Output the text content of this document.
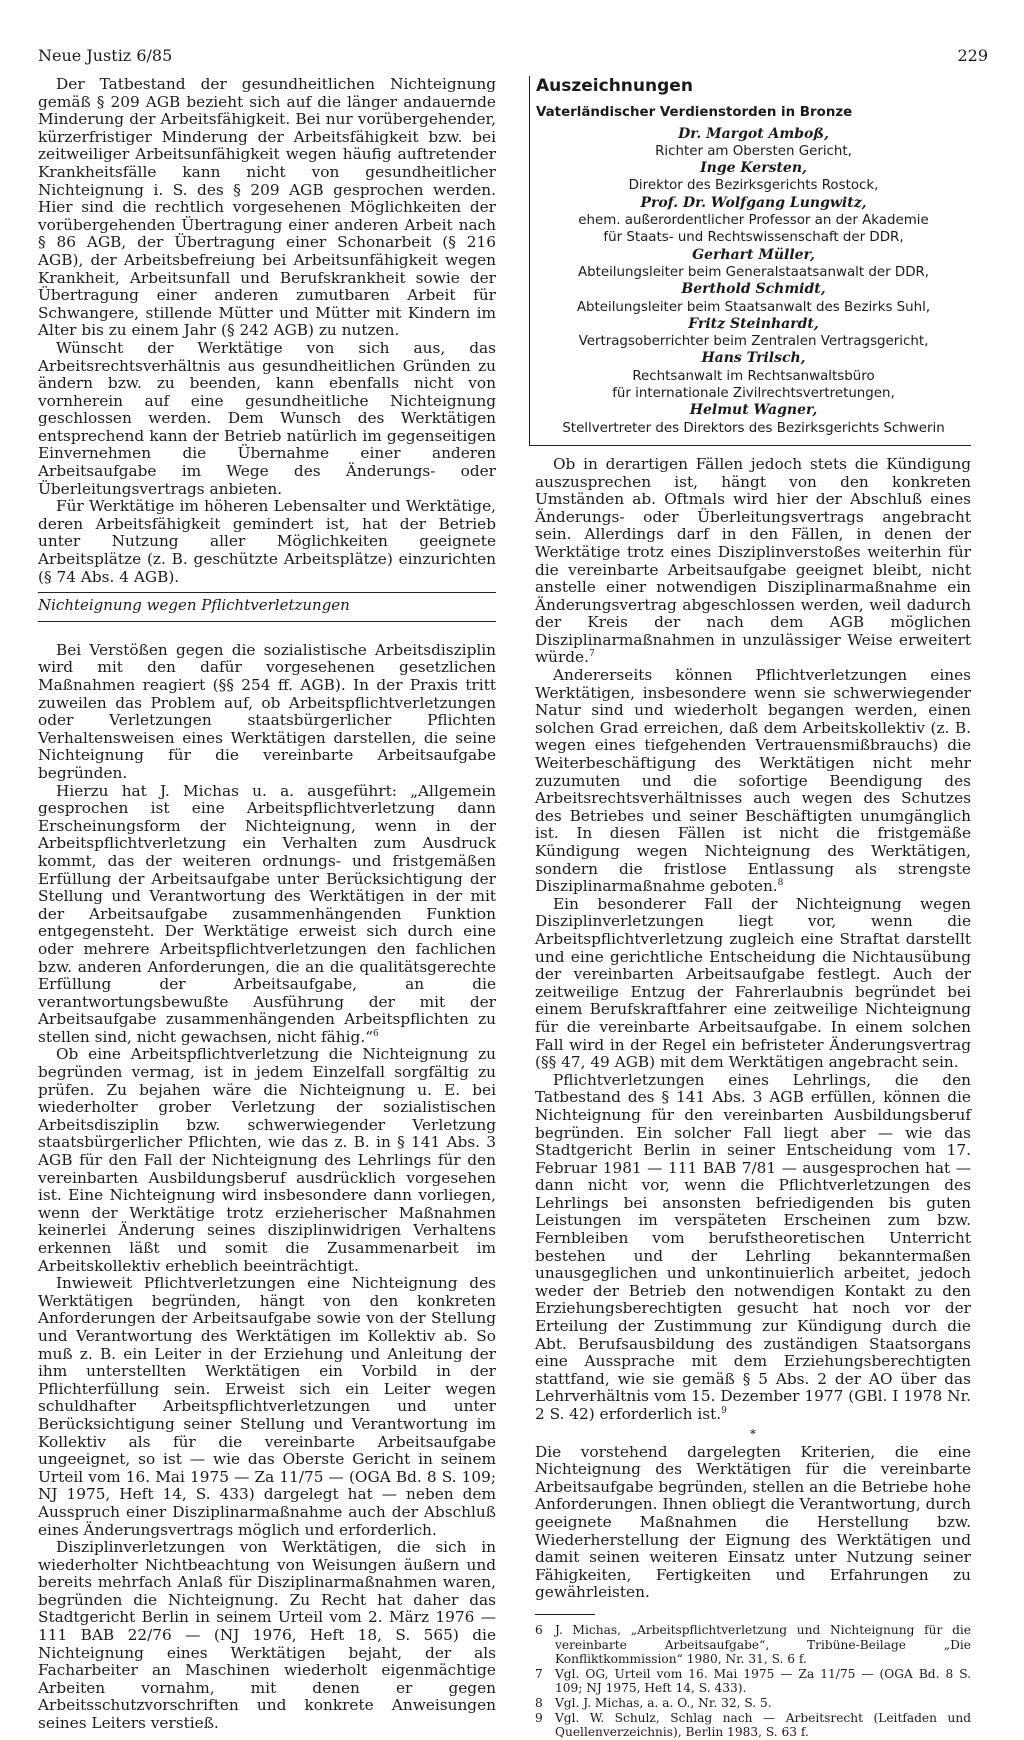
Neue Justiz 6/85	229

Der Tatbestand der gesundheitlichen Nichteignung gemäß § 209 AGB bezieht sich auf die länger andauernde Minderung der Arbeitsfähigkeit. Bei nur vorübergehender, kürzerfristiger Minderung der Arbeitsfähigkeit bzw. bei zeitweiliger Arbeitsunfähigkeit wegen häufig auftretender Krankheitsfälle kann nicht von gesundheitlicher Nichteignung i. S. des § 209 AGB gesprochen werden. Hier sind die rechtlich vorgesehenen Möglichkeiten der vorübergehenden Übertragung einer anderen Arbeit nach § 86 AGB, der Übertragung einer Schonarbeit (§ 216 AGB), der Arbeitsbefreiung bei Arbeitsunfähigkeit wegen Krankheit, Arbeitsunfall und Berufskrankheit sowie der Übertragung einer anderen zumutbaren Arbeit für Schwangere, stillende Mütter und Mütter mit Kindern im Alter bis zu einem Jahr (§ 242 AGB) zu nutzen.

Wünscht der Werktätige von sich aus, das Arbeitsrechtsverhältnis aus gesundheitlichen Gründen zu ändern bzw. zu beenden, kann ebenfalls nicht von vornherein auf eine gesundheitliche Nichteignung geschlossen werden. Dem Wunsch des Werktätigen entsprechend kann der Betrieb natürlich im gegenseitigen Einvernehmen die Übernahme einer anderen Arbeitsaufgabe im Wege des Änderungs- oder Überleitungsvertrags anbieten.

Für Werktätige im höheren Lebensalter und Werktätige, deren Arbeitsfähigkeit gemindert ist, hat der Betrieb unter Nutzung aller Möglichkeiten geeignete Arbeitsplätze (z. B. geschützte Arbeitsplätze) einzurichten (§ 74 Abs. 4 AGB).

Nichteignung wegen Pflichtverletzungen

Bei Verstößen gegen die sozialistische Arbeitsdisziplin wird mit den dafür vorgesehenen gesetzlichen Maßnahmen reagiert (§§ 254 ff. AGB). In der Praxis tritt zuweilen das Problem auf, ob Arbeitspflichtverletzungen oder Verletzungen staatsbürgerlicher Pflichten Verhaltensweisen eines Werktätigen darstellen, die seine Nichteignung für die vereinbarte Arbeitsaufgabe begründen.

Hierzu hat J. Michas u. a. ausgeführt: „Allgemein gesprochen ist eine Arbeitspflichtverletzung dann Erscheinungsform der Nichteignung, wenn in der Arbeitspflichtverletzung ein Verhalten zum Ausdruck kommt, das der weiteren ordnungs- und fristgemäßen Erfüllung der Arbeitsaufgabe unter Berücksichtigung der Stellung und Verantwortung des Werktätigen in der mit der Arbeitsaufgabe zusammenhängenden Funktion entgegensteht. Der Werktätige erweist sich durch eine oder mehrere Arbeitspflichtverletzungen den fachlichen bzw. anderen Anforderungen, die an die qualitätsgerechte Erfüllung der Arbeitsaufgabe, an die verantwortungsbewußte Ausführung der mit der Arbeitsaufgabe zusammenhängenden Arbeitspflichten zu stellen sind, nicht gewachsen, nicht fähig.“$^6$

Ob eine Arbeitspflichtverletzung die Nichteignung zu begründen vermag, ist in jedem Einzelfall sorgfältig zu prüfen. Zu bejahen wäre die Nichteignung u. E. bei wiederholter grober Verletzung der sozialistischen Arbeitsdisziplin bzw. schwerwiegender Verletzung staatsbürgerlicher Pflichten, wie das z. B. in § 141 Abs. 3 AGB für den Fall der Nichteignung des Lehrlings für den vereinbarten Ausbildungsberuf ausdrücklich vorgesehen ist. Eine Nichteignung wird insbesondere dann vorliegen, wenn der Werktätige trotz erzieherischer Maßnahmen keinerlei Änderung seines disziplinwidrigen Verhaltens erkennen läßt und somit die Zusammenarbeit im Arbeitskollektiv erheblich beeinträchtigt.

Inwieweit Pflichtverletzungen eine Nichteignung des Werktätigen begründen, hängt von den konkreten Anforderungen der Arbeitsaufgabe sowie von der Stellung und Verantwortung des Werktätigen im Kollektiv ab. So muß z. B. ein Leiter in der Erziehung und Anleitung der ihm unterstellten Werktätigen ein Vorbild in der Pflichterfüllung sein. Erweist sich ein Leiter wegen schuldhafter Arbeitspflichtverletzungen und unter Berücksichtigung seiner Stellung und Verantwortung im Kollektiv als für die vereinbarte Arbeitsaufgabe ungeeignet, so ist — wie das Oberste Gericht in seinem Urteil vom 16. Mai 1975 — Za 11/75 — (OGA Bd. 8 S. 109; NJ 1975, Heft 14, S. 433) dargelegt hat — neben dem Ausspruch einer Disziplinarmaßnahme auch der Abschluß eines Änderungsvertrags möglich und erforderlich.

Disziplinverletzungen von Werktätigen, die sich in wiederholter Nichtbeachtung von Weisungen äußern und bereits mehrfach Anlaß für Disziplinarmaßnahmen waren, begründen die Nichteignung. Zu Recht hat daher das Stadtgericht Berlin in seinem Urteil vom 2. März 1976 — 111 BAB 22/76 — (NJ 1976, Heft 18, S. 565) die Nichteignung eines Werktätigen bejaht, der als Facharbeiter an Maschinen wiederholt eigenmächtige Arbeiten vornahm, mit denen er gegen Arbeitsschutzvorschriften und konkrete Anweisungen seines Leiters verstieß.

Auszeichnungen
Vaterländischer Verdienstorden in Bronze

Dr. Margot Amboß,

Richter am Obersten Gericht,

Inge Kersten,

Direktor des Bezirksgerichts Rostock,

Prof. Dr. Wolfgang Lungwitz,

ehem. außerordentlicher Professor an der Akademie

für Staats- und Rechtswissenschaft der DDR,

Gerhart Müller,

Abteilungsleiter beim Generalstaatsanwalt der DDR,

Berthold Schmidt,

Abteilungsleiter beim Staatsanwalt des Bezirks Suhl,

Fritz Steinhardt,

Vertragsoberrichter beim Zentralen Vertragsgericht,

Hans Trilsch,

Rechtsanwalt im Rechtsanwaltsbüro

für internationale Zivilrechtsvertretungen,

Helmut Wagner,

Stellvertreter des Direktors des Bezirksgerichts Schwerin

Ob in derartigen Fällen jedoch stets die Kündigung auszusprechen ist, hängt von den konkreten Umständen ab. Oftmals wird hier der Abschluß eines Änderungs- oder Überleitungsvertrags angebracht sein. Allerdings darf in den Fällen, in denen der Werktätige trotz eines Disziplinverstoßes weiterhin für die vereinbarte Arbeitsaufgabe geeignet bleibt, nicht anstelle einer notwendigen Disziplinarmaßnahme ein Änderungsvertrag abgeschlossen werden, weil dadurch der Kreis der nach dem AGB möglichen Disziplinarmaßnahmen in unzulässiger Weise erweitert würde.$^7$

Andererseits können Pflichtverletzungen eines Werktätigen, insbesondere wenn sie schwerwiegender Natur sind und wiederholt begangen werden, einen solchen Grad erreichen, daß dem Arbeitskollektiv (z. B. wegen eines tiefgehenden Vertrauensmißbrauchs) die Weiterbeschäftigung des Werktätigen nicht mehr zuzumuten und die sofortige Beendigung des Arbeitsrechtsverhältnisses auch wegen des Schutzes des Betriebes und seiner Beschäftigten unumgänglich ist. In diesen Fällen ist nicht die fristgemäße Kündigung wegen Nichteignung des Werktätigen, sondern die fristlose Entlassung als strengste Disziplinarmaßnahme geboten.$^8$

Ein besonderer Fall der Nichteignung wegen Disziplinverletzungen liegt vor, wenn die Arbeitspflichtverletzung zugleich eine Straftat darstellt und eine gerichtliche Entscheidung die Nichtausübung der vereinbarten Arbeitsaufgabe festlegt. Auch der zeitweilige Entzug der Fahrerlaubnis begründet bei einem Berufskraftfahrer eine zeitweilige Nichteignung für die vereinbarte Arbeitsaufgabe. In einem solchen Fall wird in der Regel ein befristeter Änderungsvertrag (§§ 47, 49 AGB) mit dem Werktätigen angebracht sein.

Pflichtverletzungen eines Lehrlings, die den Tatbestand des § 141 Abs. 3 AGB erfüllen, können die Nichteignung für den vereinbarten Ausbildungsberuf begründen. Ein solcher Fall liegt aber — wie das Stadtgericht Berlin in seiner Entscheidung vom 17. Februar 1981 — 111 BAB 7/81 — ausgesprochen hat — dann nicht vor, wenn die Pflichtverletzungen des Lehrlings bei ansonsten befriedigenden bis guten Leistungen im verspäteten Erscheinen zum bzw. Fernbleiben vom berufstheoretischen Unterricht bestehen und der Lehrling bekanntermaßen unausgeglichen und unkontinuierlich arbeitet, jedoch weder der Betrieb den notwendigen Kontakt zu den Erziehungsberechtigten gesucht hat noch vor der Erteilung der Zustimmung zur Kündigung durch die Abt. Berufsausbildung des zuständigen Staatsorgans eine Aussprache mit dem Erziehungsberechtigten stattfand, wie sie gemäß § 5 Abs. 2 der AO über das Lehrverhältnis vom 15. Dezember 1977 (GBl. I 1978 Nr. 2 S. 42) erforderlich ist.$^9$

*

Die vorstehend dargelegten Kriterien, die eine Nichteignung des Werktätigen für die vereinbarte Arbeitsaufgabe begründen, stellen an die Betriebe hohe Anforderungen. Ihnen obliegt die Verantwortung, durch geeignete Maßnahmen die Herstellung bzw. Wiederherstellung der Eignung des Werktätigen und damit seinen weiteren Einsatz unter Nutzung seiner Fähigkeiten, Fertigkeiten und Erfahrungen zu gewährleisten.

6	J. Michas, „Arbeitspflichtverletzung und Nichteignung für die vereinbarte Arbeitsaufgabe“, Tribüne-Beilage „Die Konfliktkommission“ 1980, Nr. 31, S. 6 f.
7	Vgl. OG, Urteil vom 16. Mai 1975 — Za 11/75 — (OGA Bd. 8 S. 109; NJ 1975, Heft 14, S. 433).
8	Vgl. J. Michas, a. a. O., Nr. 32, S. 5.
9	Vgl. W. Schulz, Schlag nach — Arbeitsrecht (Leitfaden und Quellenverzeichnis), Berlin 1983, S. 63 f.
